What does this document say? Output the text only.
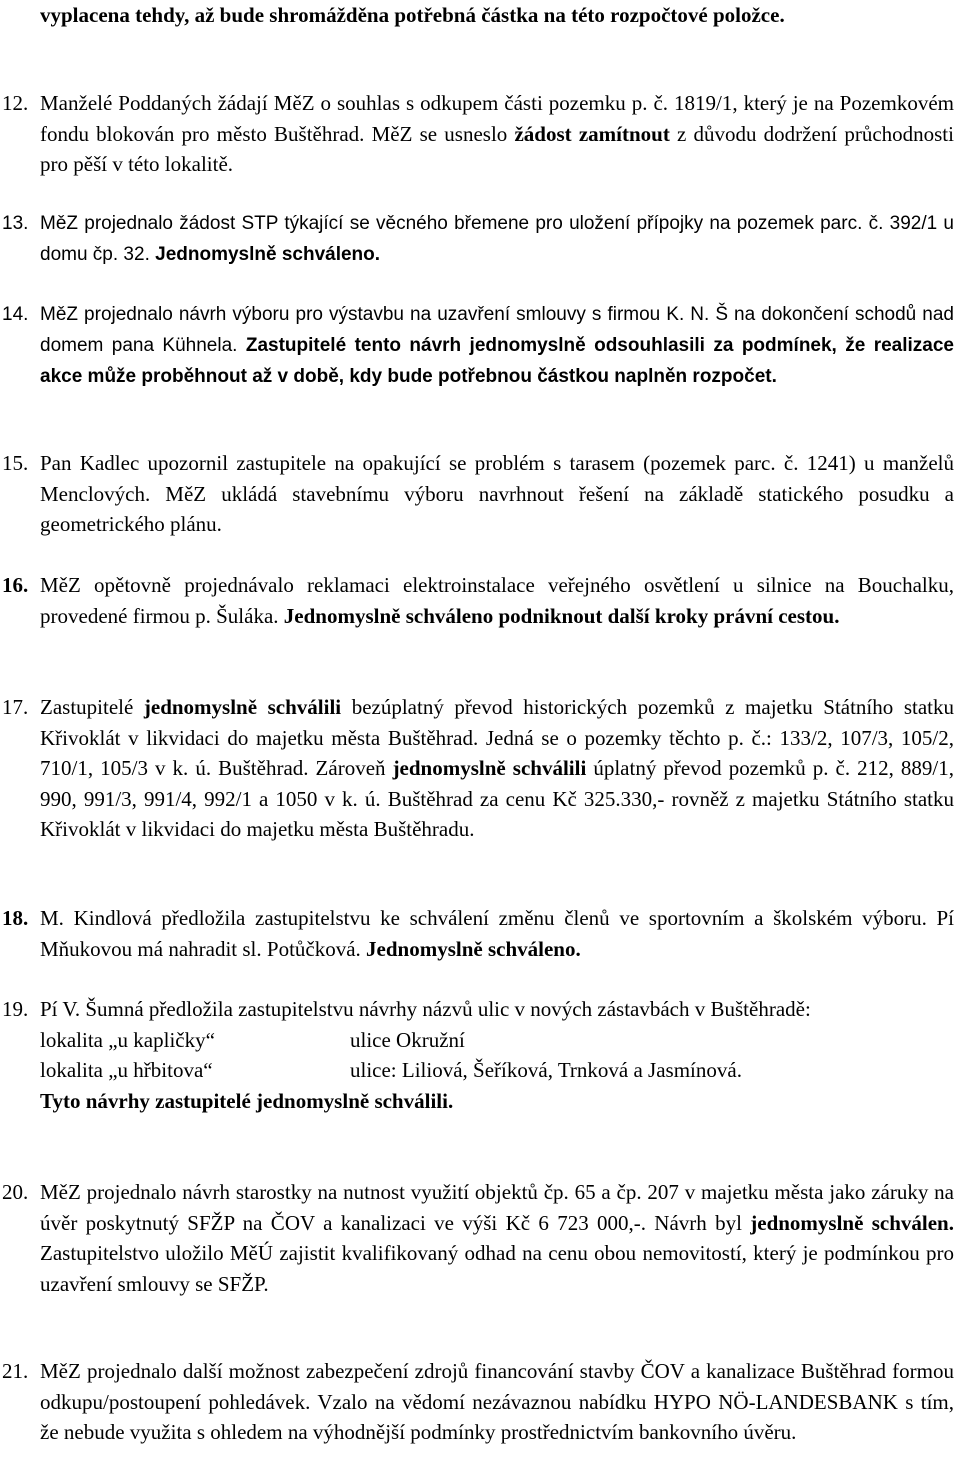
vyplacena tehdy, až bude shromážděna potřebná částka na této rozpočtové položce.

12. Manželé Poddaných žádají MěZ o souhlas s odkupem části pozemku p. č. 1819/1, který je na Pozemkovém fondu blokován pro město Buštěhrad. MěZ se usneslo žádost zamítnout z důvodu dodržení průchodnosti pro pěší v této lokalitě.
13. MěZ projednalo žádost STP týkající se věcného břemene pro uložení přípojky na pozemek parc. č. 392/1 u domu čp. 32. Jednomyslně schváleno.
14. MěZ projednalo návrh výboru pro výstavbu na uzavření smlouvy s firmou K. N. Š na dokončení schodů nad domem pana Kühnela. Zastupitelé tento návrh jednomyslně odsouhlasili za podmínek, že realizace akce může proběhnout až v době, kdy bude potřebnou částkou naplněn rozpočet.
15. Pan Kadlec upozornil zastupitele na opakující se problém s tarasem (pozemek parc. č. 1241) u manželů Menclových. MěZ ukládá stavebnímu výboru navrhnout řešení na základě statického posudku a geometrického plánu.
16. MěZ opětovně projednávalo reklamaci elektroinstalace veřejného osvětlení u silnice na Bouchalku, provedené firmou p. Šuláka. Jednomyslně schváleno podniknout další kroky právní cestou.
17. Zastupitelé jednomyslně schválili bezúplatný převod historických pozemků z majetku Státního statku Křivoklát v likvidaci do majetku města Buštěhrad. Jedná se o pozemky těchto p. č.: 133/2, 107/3, 105/2, 710/1, 105/3 v k. ú. Buštěhrad. Zároveň jednomyslně schválili úplatný převod pozemků p. č. 212, 889/1, 990, 991/3, 991/4, 992/1 a 1050 v k. ú. Buštěhrad za cenu Kč 325.330,- rovněž z majetku Státního statku Křivoklát v likvidaci do majetku města Buštěhradu.
18. M. Kindlová předložila zastupitelstvu ke schválení změnu členů ve sportovním a školském výboru. Pí Mňukovou má nahradit sl. Potůčková. Jednomyslně schváleno.
19. Pí V. Šumná předložila zastupitelstvu návrhy názvů ulic v nových zástavbách v Buštěhradě:
lokalita „u kapličky“	ulice Okružní
lokalita „u hřbitova“	ulice: Liliová, Šeříková, Trnková a Jasmínová.
Tyto návrhy zastupitelé jednomyslně schválili.
20. MěZ projednalo návrh starostky na nutnost využití objektů čp. 65 a čp. 207 v majetku města jako záruky na úvěr poskytnutý SFŽP na ČOV a kanalizaci ve výši Kč 6 723 000,-. Návrh byl jednomyslně schválen. Zastupitelstvo uložilo MěÚ zajistit kvalifikovaný odhad na cenu obou nemovitostí, který je podmínkou pro uzavření smlouvy se SFŽP.
21. MěZ projednalo další možnost zabezpečení zdrojů financování stavby ČOV a kanalizace Buštěhrad formou odkupu/postoupení pohledávek. Vzalo na vědomí nezávaznou nabídku HYPO NÖ-LANDESBANK s tím, že nebude využita s ohledem na výhodnější podmínky prostřednictvím bankovního úvěru.
